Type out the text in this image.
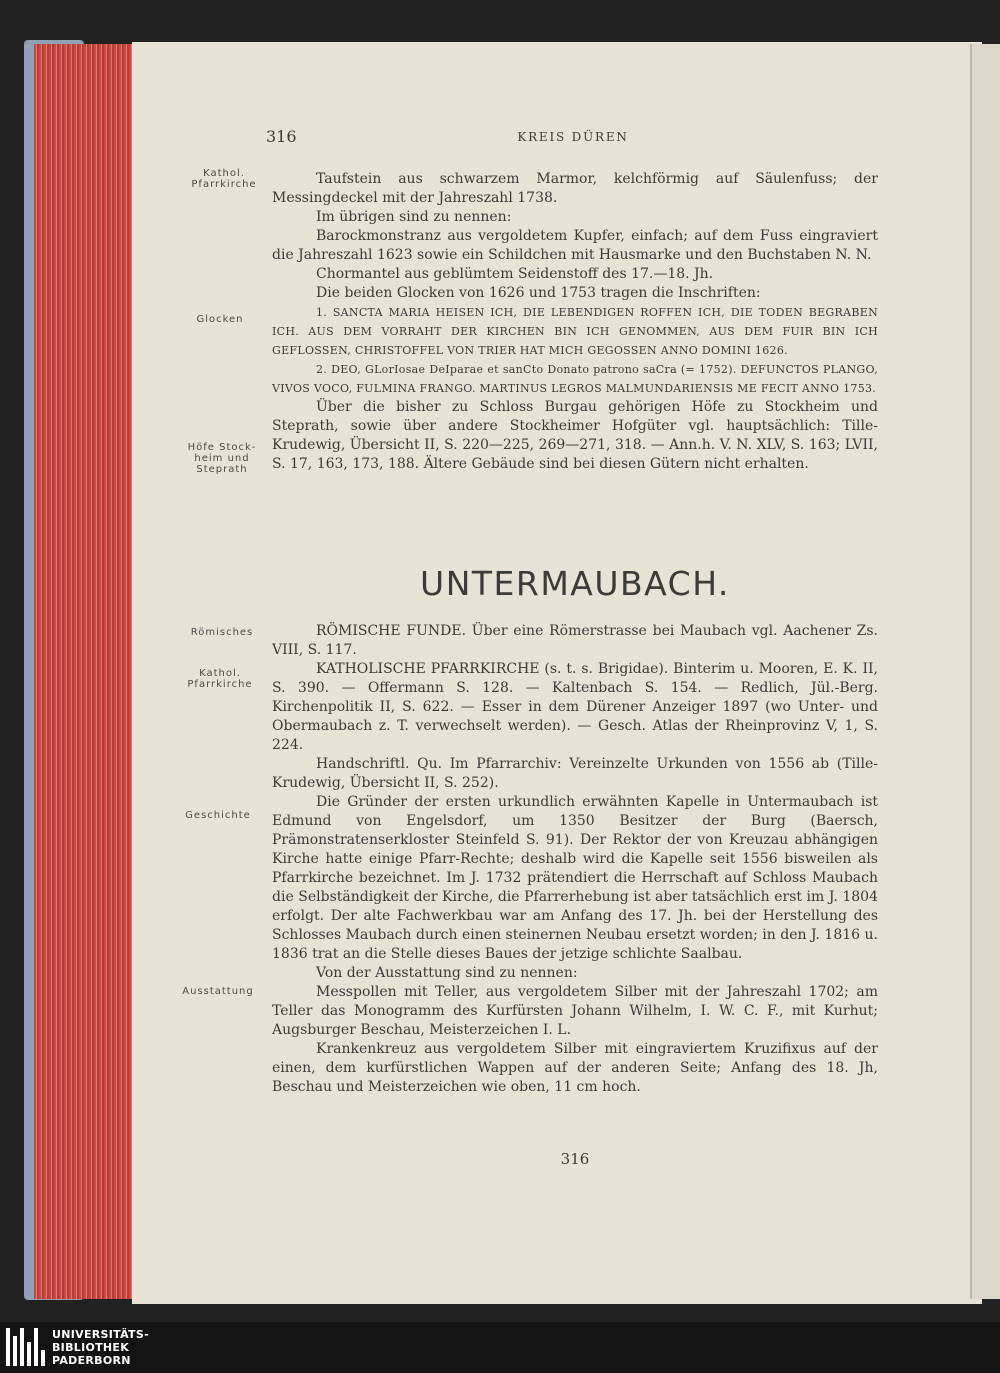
316	KREIS DÜREN
Kathol.
Pfarrkirche
Glocken
Höfe Stock-
heim und
Steprath
Römisches
Kathol.
Pfarrkirche
Geschichte
Ausstattung

Taufstein aus schwarzem Marmor, kelchförmig auf Säulenfuss; der Messingdeckel mit der Jahreszahl 1738.

Im übrigen sind zu nennen:

Barockmonstranz aus vergoldetem Kupfer, einfach; auf dem Fuss eingraviert die Jahreszahl 1623 sowie ein Schildchen mit Hausmarke und den Buchstaben N. N.

Chormantel aus geblümtem Seidenstoff des 17.—18. Jh.

Die beiden Glocken von 1626 und 1753 tragen die Inschriften:

1. SANCTA MARIA HEISEN ICH, DIE LEBENDIGEN ROFFEN ICH, DIE TODEN BEGRABEN ICH. AUS DEM VORRAHT DER KIRCHEN BIN ICH GENOMMEN, AUS DEM FUIR BIN ICH GEFLOSSEN, CHRISTOFFEL VON TRIER HAT MICH GEGOSSEN ANNO DOMINI 1626.

2. DEO, GLorIosae DeIparae et sanCto Donato patrono saCra (= 1752). DEFUNCTOS PLANGO, VIVOS VOCO, FULMINA FRANGO. MARTINUS LEGROS MALMUNDARIENSIS ME FECIT ANNO 1753.

Über die bisher zu Schloss Burgau gehörigen Höfe zu Stockheim und Steprath, sowie über andere Stockheimer Hofgüter vgl. hauptsächlich: Tille-Krudewig, Übersicht II, S. 220—225, 269—271, 318. — Ann.h. V. N. XLV, S. 163; LVII, S. 17, 163, 173, 188. Ältere Gebäude sind bei diesen Gütern nicht erhalten.

UNTERMAUBACH.

RÖMISCHE FUNDE. Über eine Römerstrasse bei Maubach vgl. Aachener Zs. VIII, S. 117.

KATHOLISCHE PFARRKIRCHE (s. t. s. Brigidae). Binterim u. Mooren, E. K. II, S. 390. — Offermann S. 128. — Kaltenbach S. 154. — Redlich, Jül.-Berg. Kirchenpolitik II, S. 622. — Esser in dem Dürener Anzeiger 1897 (wo Unter- und Obermaubach z. T. verwechselt werden). — Gesch. Atlas der Rheinprovinz V, 1, S. 224.

Handschriftl. Qu. Im Pfarrarchiv: Vereinzelte Urkunden von 1556 ab (Tille-Krudewig, Übersicht II, S. 252).

Die Gründer der ersten urkundlich erwähnten Kapelle in Untermaubach ist Edmund von Engelsdorf, um 1350 Besitzer der Burg (Baersch, Prämonstratenserkloster Steinfeld S. 91). Der Rektor der von Kreuzau abhängigen Kirche hatte einige Pfarr-Rechte; deshalb wird die Kapelle seit 1556 bisweilen als Pfarrkirche bezeichnet. Im J. 1732 prätendiert die Herrschaft auf Schloss Maubach die Selbständigkeit der Kirche, die Pfarrerhebung ist aber tatsächlich erst im J. 1804 erfolgt. Der alte Fachwerkbau war am Anfang des 17. Jh. bei der Herstellung des Schlosses Maubach durch einen steinernen Neubau ersetzt worden; in den J. 1816 u. 1836 trat an die Stelle dieses Baues der jetzige schlichte Saalbau.

Von der Ausstattung sind zu nennen:

Messpollen mit Teller, aus vergoldetem Silber mit der Jahreszahl 1702; am Teller das Monogramm des Kurfürsten Johann Wilhelm, I. W. C. F., mit Kurhut; Augsburger Beschau, Meisterzeichen I. L.

Krankenkreuz aus vergoldetem Silber mit eingraviertem Kruzifixus auf der einen, dem kurfürstlichen Wappen auf der anderen Seite; Anfang des 18. Jh, Beschau und Meisterzeichen wie oben, 11 cm hoch.

316
UNIVERSITÄTS-
BIBLIOTHEK
PADERBORN
